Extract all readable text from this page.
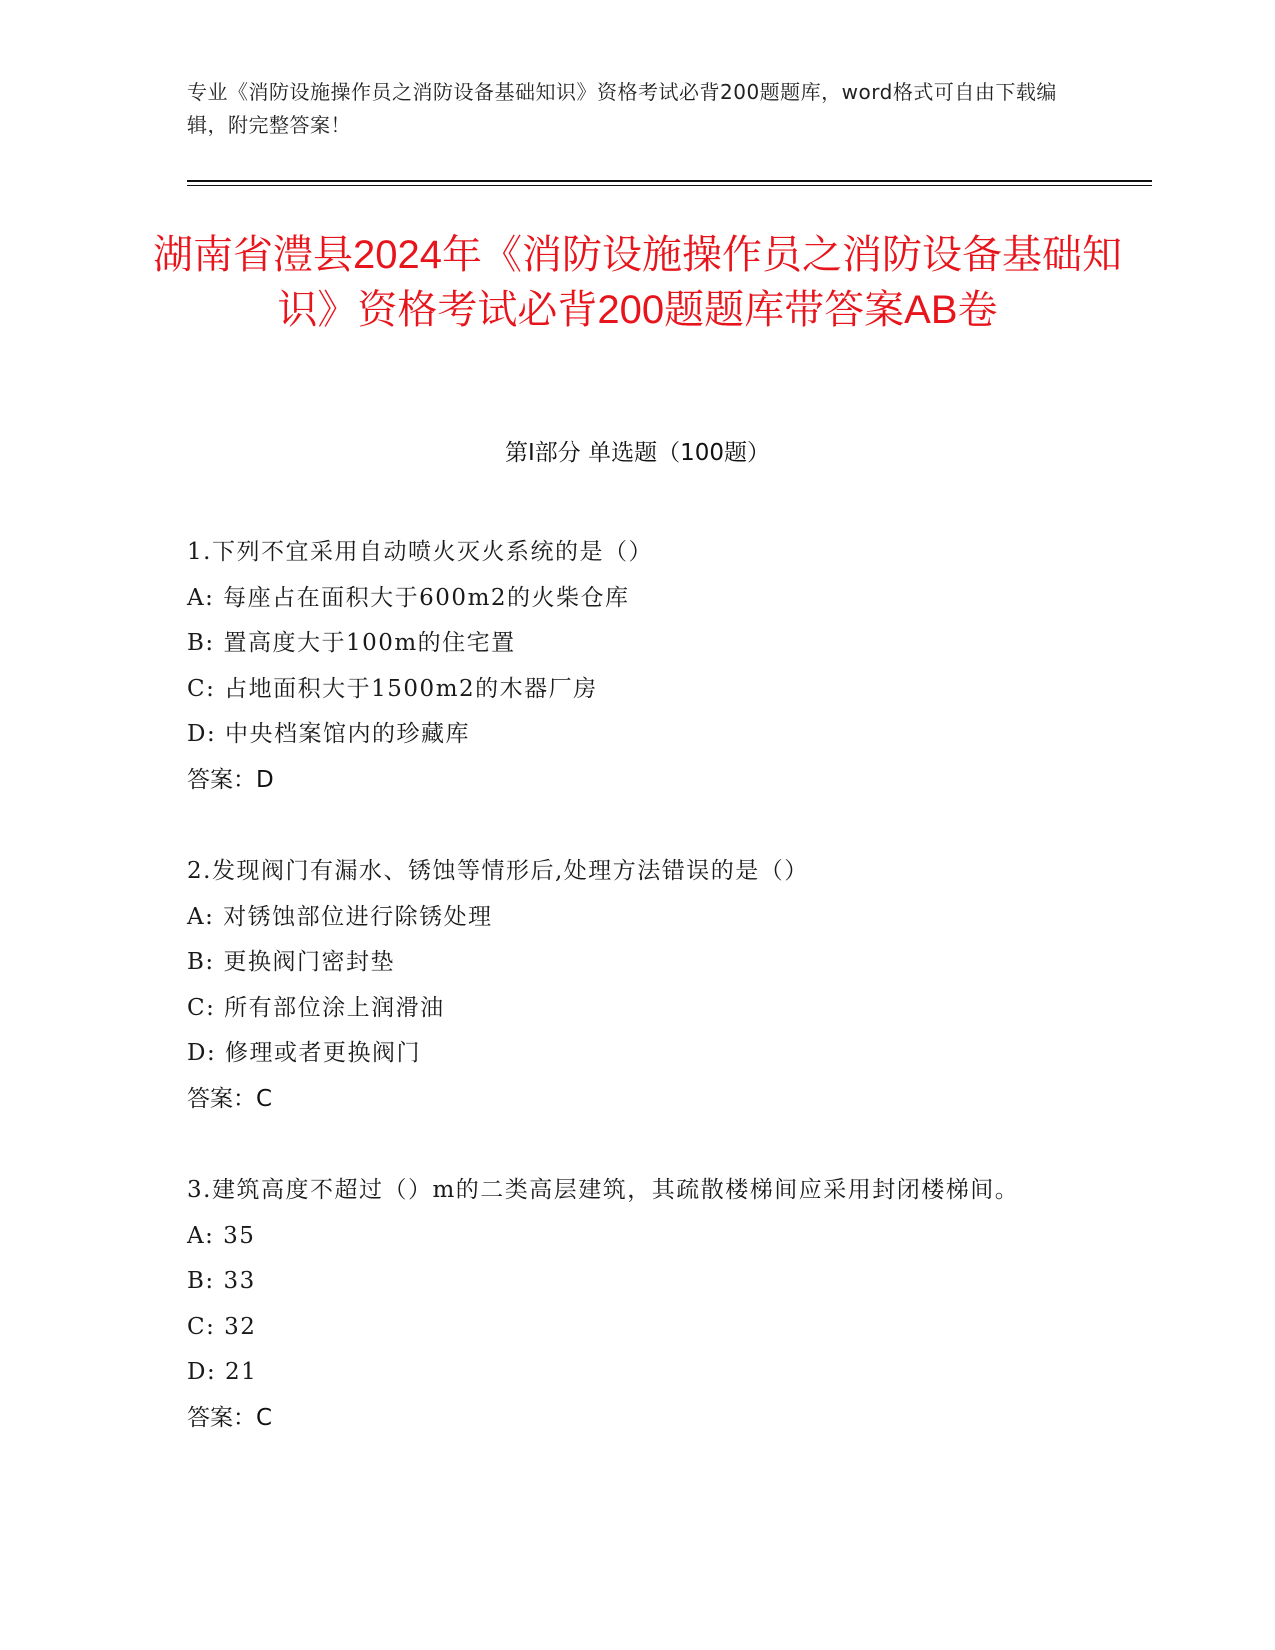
专业《消防设施操作员之消防设备基础知识》资格考试必背200题题库，word格式可自由下载编辑，附完整答案！
湖南省澧县2024年《消防设施操作员之消防设备基础知识》资格考试必背200题题库带答案AB卷
第Ⅰ部分 单选题（100题）
1.下列不宜采用自动喷火灭火系统的是（）
A: 每座占在面积大于600m2的火柴仓库
B: 置高度大于100m的住宅置
C: 占地面积大于1500m2的木器厂房
D: 中央档案馆内的珍藏库
答案：D
2.发现阀门有漏水、锈蚀等情形后,处理方法错误的是（）
A: 对锈蚀部位进行除锈处理
B: 更换阀门密封垫
C: 所有部位涂上润滑油
D: 修理或者更换阀门
答案：C
3.建筑高度不超过（）m的二类高层建筑，其疏散楼梯间应采用封闭楼梯间。
A: 35
B: 33
C: 32
D: 21
答案：C
